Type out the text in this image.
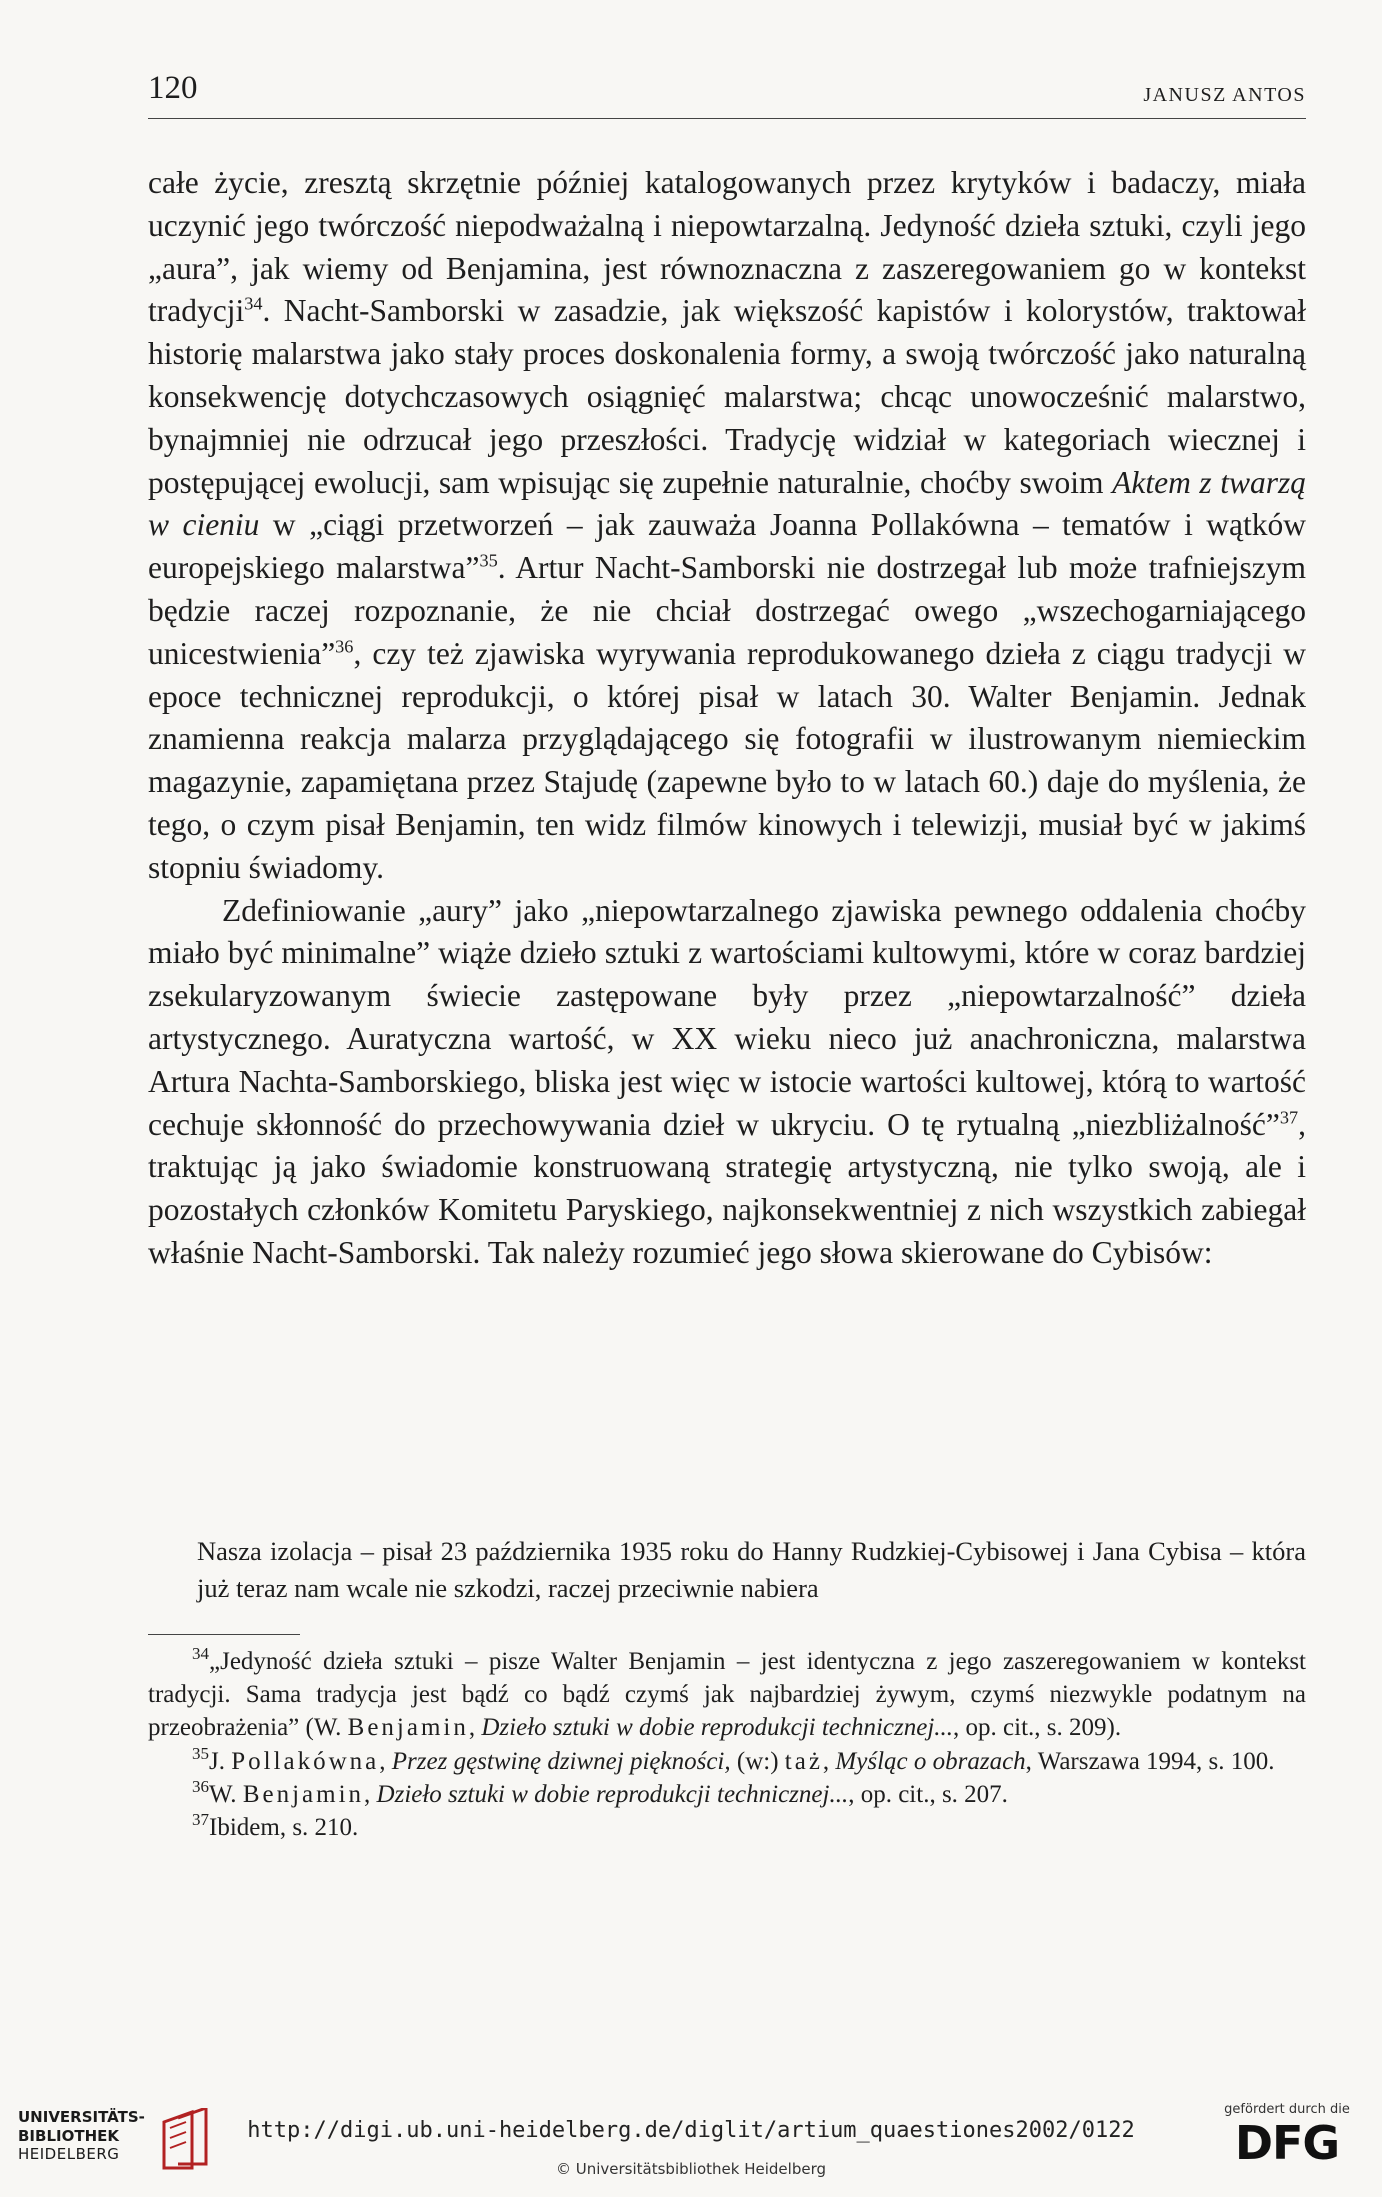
120	JANUSZ ANTOS

całe życie, zresztą skrzętnie później katalogowanych przez krytyków i badaczy, miała uczynić jego twórczość niepodważalną i niepowtarzalną. Jedyność dzieła sztuki, czyli jego „aura”, jak wiemy od Benjamina, jest równoznaczna z zaszeregowaniem go w kontekst tradycji$^{34}$. Nacht-Samborski w zasadzie, jak większość kapistów i kolorystów, traktował historię malarstwa jako stały proces doskonalenia formy, a swoją twórczość jako naturalną konsekwencję dotychczasowych osiągnięć malarstwa; chcąc unowocześnić malarstwo, bynajmniej nie odrzucał jego przeszłości. Tradycję widział w kategoriach wiecznej i postępującej ewolucji, sam wpisując się zupełnie naturalnie, choćby swoim Aktem z twarzą w cieniu w „ciągi przetworzeń – jak zauważa Joanna Pollakówna – tematów i wątków europejskiego malarstwa”$^{35}$. Artur Nacht-Samborski nie dostrzegał lub może trafniejszym będzie raczej rozpoznanie, że nie chciał dostrzegać owego „wszechogarniającego unicestwienia”$^{36}$, czy też zjawiska wyrywania reprodukowanego dzieła z ciągu tradycji w epoce technicznej reprodukcji, o której pisał w latach 30. Walter Benjamin. Jednak znamienna reakcja malarza przyglądającego się fotografii w ilustrowanym niemieckim magazynie, zapamiętana przez Stajudę (zapewne było to w latach 60.) daje do myślenia, że tego, o czym pisał Benjamin, ten widz filmów kinowych i telewizji, musiał być w jakimś stopniu świadomy.

Zdefiniowanie „aury” jako „niepowtarzalnego zjawiska pewnego oddalenia choćby miało być minimalne” wiąże dzieło sztuki z wartościami kultowymi, które w coraz bardziej zsekularyzowanym świecie zastępowane były przez „niepowtarzalność” dzieła artystycznego. Auratyczna wartość, w XX wieku nieco już anachroniczna, malarstwa Artura Nachta-Samborskiego, bliska jest więc w istocie wartości kultowej, którą to wartość cechuje skłonność do przechowywania dzieł w ukryciu. O tę rytualną „niezbliżalność”$^{37}$, traktując ją jako świadomie konstruowaną strategię artystyczną, nie tylko swoją, ale i pozostałych członków Komitetu Paryskiego, najkonsekwentniej z nich wszystkich zabiegał właśnie Nacht-Samborski. Tak należy rozumieć jego słowa skierowane do Cybisów:

Nasza izolacja – pisał 23 października 1935 roku do Hanny Rudzkiej-Cybisowej i Jana Cybisa – która już teraz nam wcale nie szkodzi, raczej przeciwnie nabiera

$^{34}$„Jedyność dzieła sztuki – pisze Walter Benjamin – jest identyczna z jego zaszeregowaniem w kontekst tradycji. Sama tradycja jest bądź co bądź czymś jak najbardziej żywym, czymś niezwykle podatnym na przeobrażenia” (W. Benjamin, Dzieło sztuki w dobie reprodukcji technicznej..., op. cit., s. 209).

$^{35}$J. Pollakówna, Przez gęstwinę dziwnej piękności, (w:) taż, Myśląc o obrazach, Warszawa 1994, s. 100.

$^{36}$W. Benjamin, Dzieło sztuki w dobie reprodukcji technicznej..., op. cit., s. 207.

$^{37}$Ibidem, s. 210.

UNIVERSITÄTS-
BIBLIOTHEK
HEIDELBERG
http://digi.ub.uni-heidelberg.de/diglit/artium_quaestiones2002/0122
© Universitätsbibliothek Heidelberg
gefördert durch die
DFG
